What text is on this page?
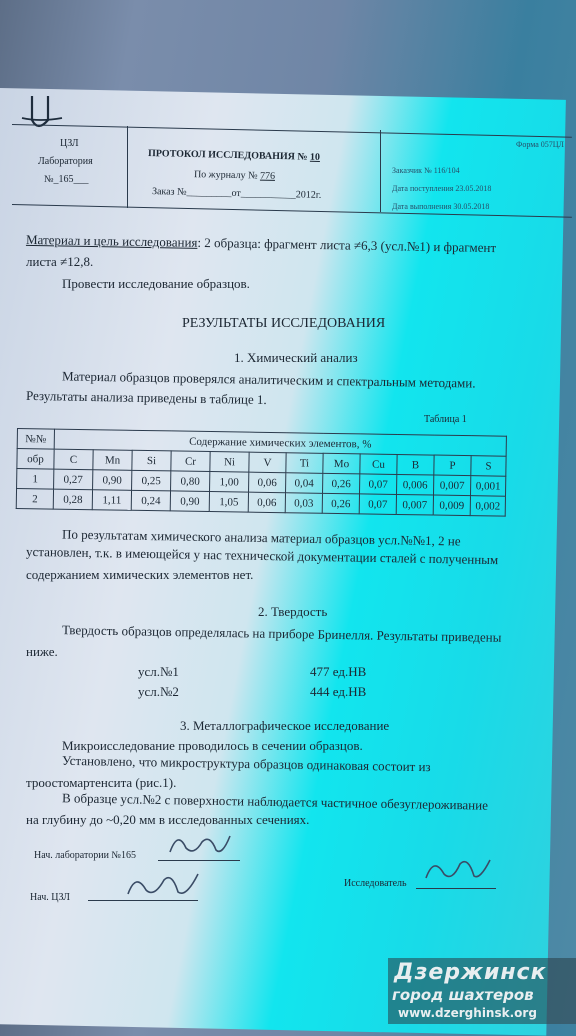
ЦЗЛ
Лаборатория
№_165___
ПРОТОКОЛ ИССЛЕДОВАНИЯ № 10
По журналу № 776
Заказ №_________от___________2012г.
Форма 057ЦЛ
Заказчик № 116/104
Дата поступления 23.05.2018
Дата выполнения 30.05.2018
Материал и цель исследования: 2 образца: фрагмент листа ≠6,3 (усл.№1) и фрагмент
листа ≠12,8.
Провести исследование образцов.
РЕЗУЛЬТАТЫ ИССЛЕДОВАНИЯ
1. Химический анализ
Материал образцов проверялся аналитическим и спектральным методами.
Результаты анализа приведены в таблице 1.
Таблица 1
№№	Содержание химических элементов, %											
обр	C	Mn	Si	Cr	Ni	V	Ti	Mo	Cu	B	P	S
1	0,27	0,90	0,25	0,80	1,00	0,06	0,04	0,26	0,07	0,006	0,007	0,001
2	0,28	1,11	0,24	0,90	1,05	0,06	0,03	0,26	0,07	0,007	0,009	0,002
По результатам химического анализа материал образцов усл.№№1, 2 не
установлен, т.к. в имеющейся у нас технической документации сталей с полученным
содержанием химических элементов нет.
2. Твердость
Твердость образцов определялась на приборе Бринелля. Результаты приведены
ниже.
усл.№1	477 ед.НВ
усл.№2	444 ед.НВ
3. Металлографическое исследование
Микроисследование проводилось в сечении образцов.
Установлено, что микроструктура образцов одинаковая состоит из
троостомартенсита (рис.1).
В образце усл.№2 с поверхности наблюдается частичное обезуглероживание
на глубину до ~0,20 мм в исследованных сечениях.
Нач. лаборатории №165
Нач. ЦЗЛ
Исследователь
Дзержинск
город шахтеров
www.dzerghinsk.org
